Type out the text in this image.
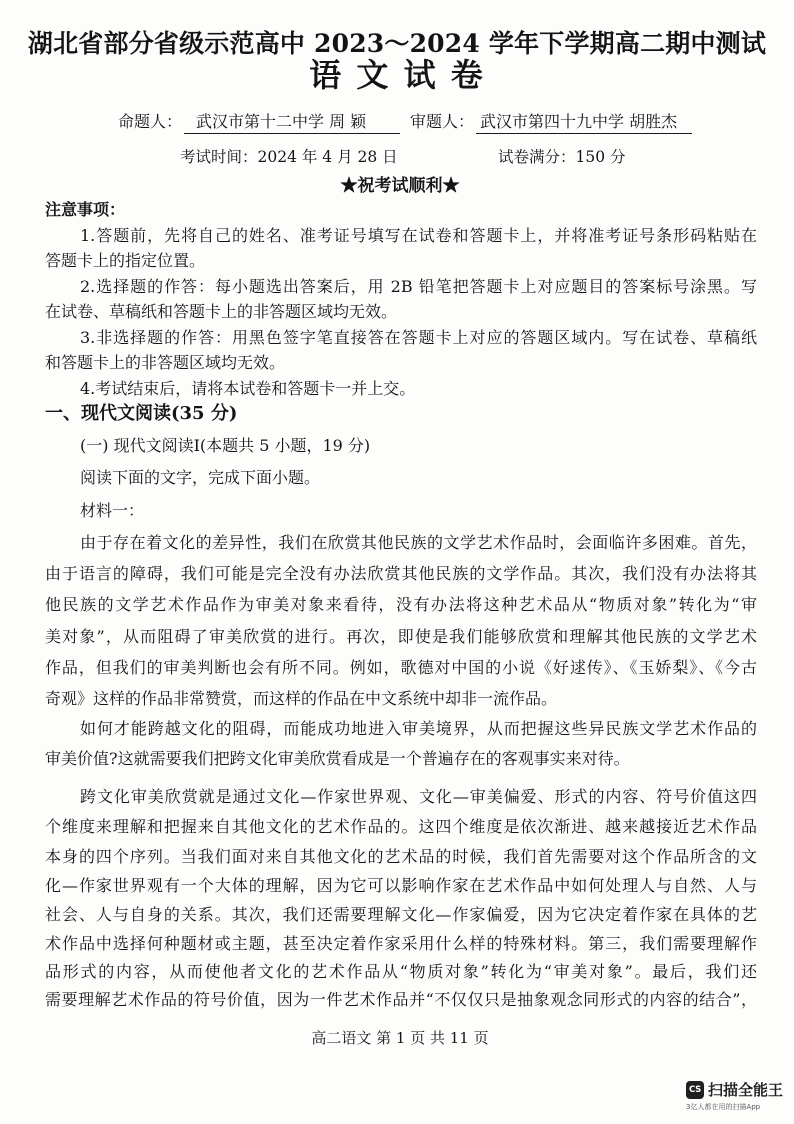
湖北省部分省级示范高中 2023～2024 学年下学期高二期中测试
语 文 试 卷
命题人： 武汉市第十二中学 周 颖	审题人： 武汉市第四十九中学 胡胜杰
考试时间：2024 年 4 月 28 日	试卷满分：150 分
★祝考试顺利★
注意事项：
1.答题前，先将自己的姓名、准考证号填写在试卷和答题卡上，并将准考证号条形码粘贴在
答题卡上的指定位置。
2.选择题的作答：每小题选出答案后，用 2B 铅笔把答题卡上对应题目的答案标号涂黑。写
在试卷、草稿纸和答题卡上的非答题区域均无效。
3.非选择题的作答：用黑色签字笔直接答在答题卡上对应的答题区域内。写在试卷、草稿纸
和答题卡上的非答题区域均无效。
4.考试结束后，请将本试卷和答题卡一并上交。
一、现代文阅读(35 分)
(一) 现代文阅读Ⅰ(本题共 5 小题，19 分)
阅读下面的文字，完成下面小题。
材料一：
由于存在着文化的差异性，我们在欣赏其他民族的文学艺术作品时，会面临许多困难。首先，
由于语言的障碍，我们可能是完全没有办法欣赏其他民族的文学作品。其次，我们没有办法将其
他民族的文学艺术作品作为审美对象来看待，没有办法将这种艺术品从“物质对象”转化为“审
美对象”，从而阻碍了审美欣赏的进行。再次，即使是我们能够欣赏和理解其他民族的文学艺术
作品，但我们的审美判断也会有所不同。例如，歌德对中国的小说《好逑传》、《玉娇梨》、《今古
奇观》这样的作品非常赞赏，而这样的作品在中文系统中却非一流作品。
如何才能跨越文化的阻碍，而能成功地进入审美境界，从而把握这些异民族文学艺术作品的
审美价值?这就需要我们把跨文化审美欣赏看成是一个普遍存在的客观事实来对待。
跨文化审美欣赏就是通过文化—作家世界观、文化—审美偏爱、形式的内容、符号价值这四
个维度来理解和把握来自其他文化的艺术作品的。这四个维度是依次渐进、越来越接近艺术作品
本身的四个序列。当我们面对来自其他文化的艺术品的时候，我们首先需要对这个作品所含的文
化—作家世界观有一个大体的理解，因为它可以影响作家在艺术作品中如何处理人与自然、人与
社会、人与自身的关系。其次，我们还需要理解文化—作家偏爱，因为它决定着作家在具体的艺
术作品中选择何种题材或主题，甚至决定着作家采用什么样的特殊材料。第三，我们需要理解作
品形式的内容，从而使他者文化的艺术作品从“物质对象”转化为“审美对象”。最后，我们还
需要理解艺术作品的符号价值，因为一件艺术作品并“不仅仅只是抽象观念同形式的内容的结合”，
高二语文 第 1 页 共 11 页
CS 扫描全能王
3亿人都在用的扫描App
